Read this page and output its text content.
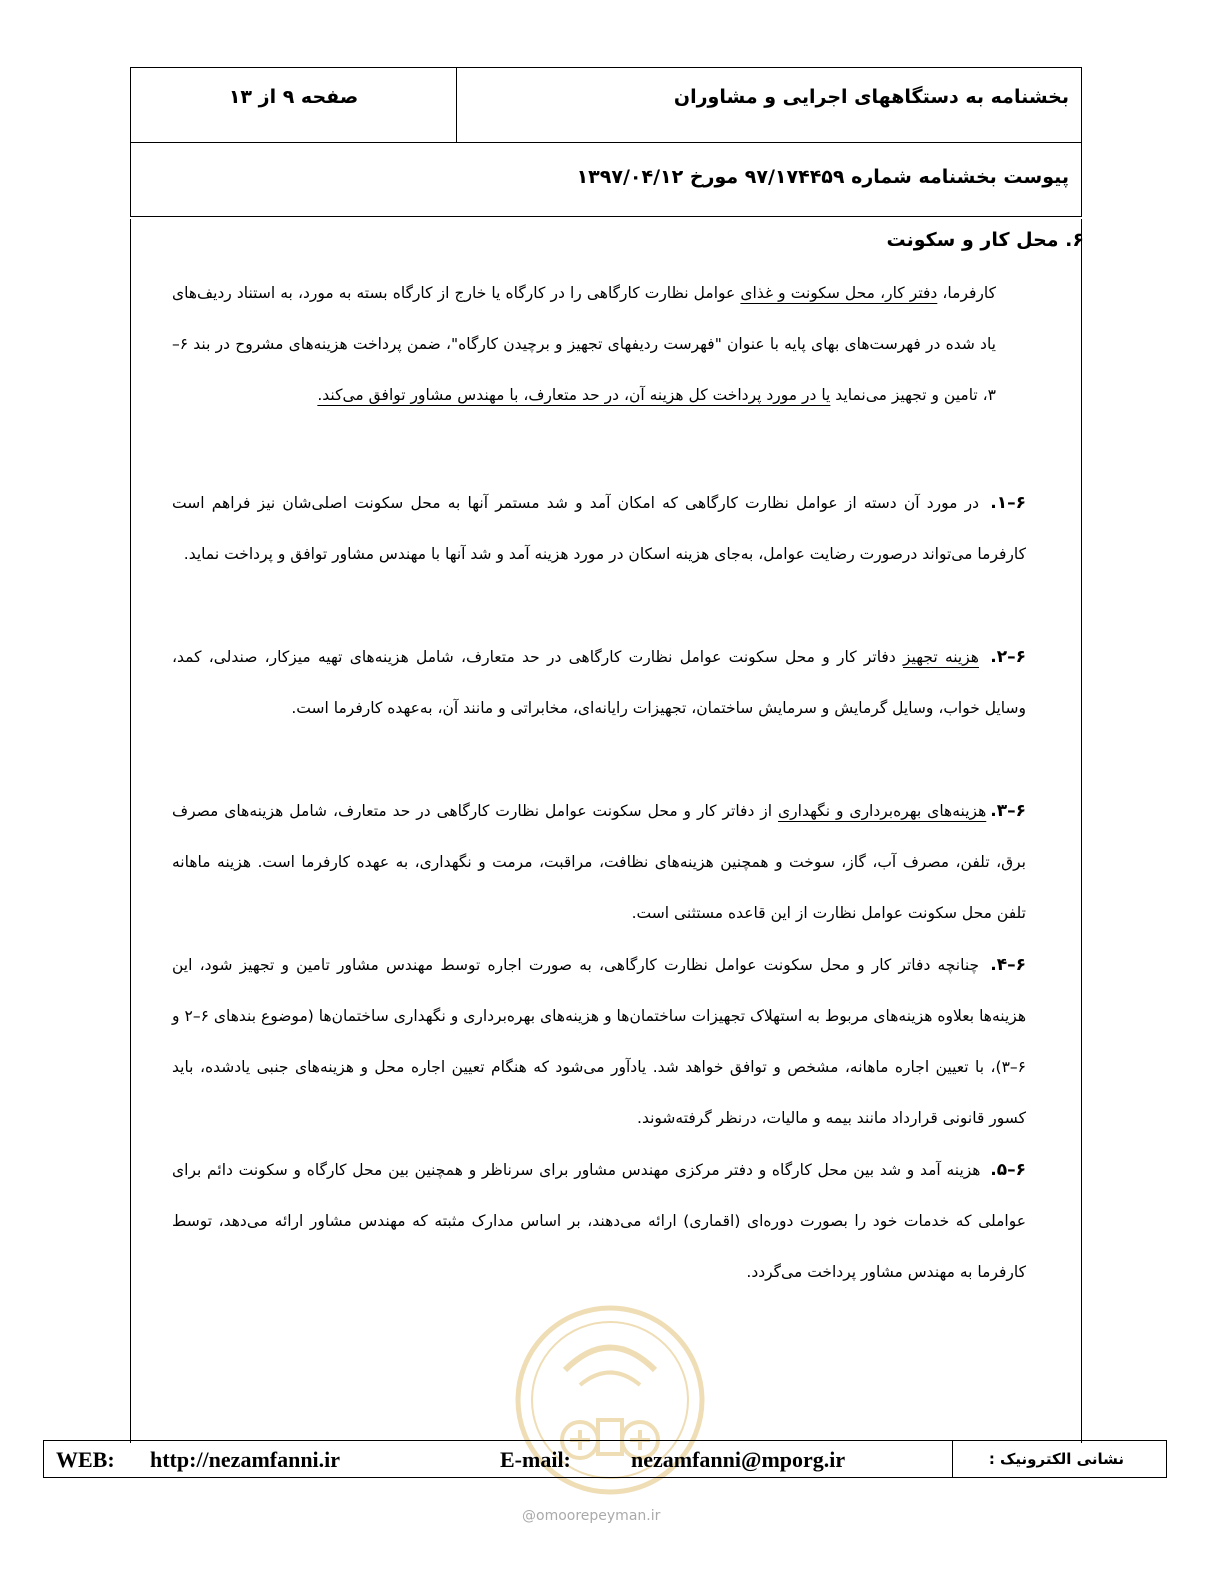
بخشنامه به دستگاههای اجرایی و مشاوران
صفحه ۹ از ۱۳
پیوست بخشنامه شماره ۹۷/۱۷۴۴۵۹ مورخ ۱۳۹۷/۰۴/۱۲
۶. محل کار و سکونت
کارفرما، دفتر کار، محل سکونت و غذای عوامل نظارت کارگاهی را در کارگاه یا خارج از کارگاه بسته به مورد، به استناد ردیف‌های یاد شده در فهرست‌های بهای پایه با عنوان "فهرست ردیفهای تجهیز و برچیدن کارگاه"، ضمن پرداخت هزینه‌های مشروح در بند ۶–۳، تامین و تجهیز می‌نماید یا در مورد پرداخت کل هزینه آن، در حد متعارف، با مهندس مشاور توافق می‌کند.
۶–۱. در مورد آن دسته از عوامل نظارت کارگاهی که امکان آمد و شد مستمر آنها به محل سکونت اصلی‌شان نیز فراهم است کارفرما می‌تواند درصورت رضایت عوامل، به‌جای هزینه اسکان در مورد هزینه آمد و شد آنها با مهندس مشاور توافق و پرداخت نماید.
۶–۲. هزینه تجهیز دفاتر کار و محل سکونت عوامل نظارت کارگاهی در حد متعارف، شامل هزینه‌های تهیه میزکار، صندلی، کمد، وسایل خواب، وسایل گرمایش و سرمایش ساختمان، تجهیزات رایانه‌ای، مخابراتی و مانند آن، به‌عهده کارفرما است.
۶–۳.هزینه‌های بهره‌برداری و نگهداری از دفاتر کار و محل سکونت عوامل نظارت کارگاهی در حد متعارف، شامل هزینه‌های مصرف برق، تلفن، مصرف آب، گاز، سوخت و همچنین هزینه‌های نظافت، مراقبت، مرمت و نگهداری، به عهده کارفرما است. هزینه ماهانه تلفن محل سکونت عوامل نظارت از این قاعده مستثنی است.
۶–۴. چنانچه دفاتر کار و محل سکونت عوامل نظارت کارگاهی، به صورت اجاره توسط مهندس مشاور تامین و تجهیز شود، این هزینه‌ها بعلاوه هزینه‌های مربوط به استهلاک تجهیزات ساختمان‌ها و هزینه‌های بهره‌برداری و نگهداری ساختمان‌ها (موضوع بندهای ۶–۲ و ۶–۳)، با تعیین اجاره ماهانه، مشخص و توافق خواهد شد. یادآور می‌شود که هنگام تعیین اجاره محل و هزینه‌های جنبی یادشده، باید کسور قانونی قرارداد مانند بیمه و مالیات، درنظر گرفته‌شوند.
۶–۵. هزینه آمد و شد بین محل کارگاه و دفتر مرکزی مهندس مشاور برای سرناظر و همچنین بین محل کارگاه و سکونت دائم برای عواملی که خدمات خود را بصورت دوره‌ای (اقماری) ارائه می‌دهند، بر اساس مدارک مثبته که مهندس مشاور ارائه می‌دهد، توسط کارفرما به مهندس مشاور پرداخت می‌گردد.
WEB: http://nezamfanni.ir	E-mail:	nezamfanni@mporg.ir	نشانی الکترونیک :
@omoorepeyman.ir
